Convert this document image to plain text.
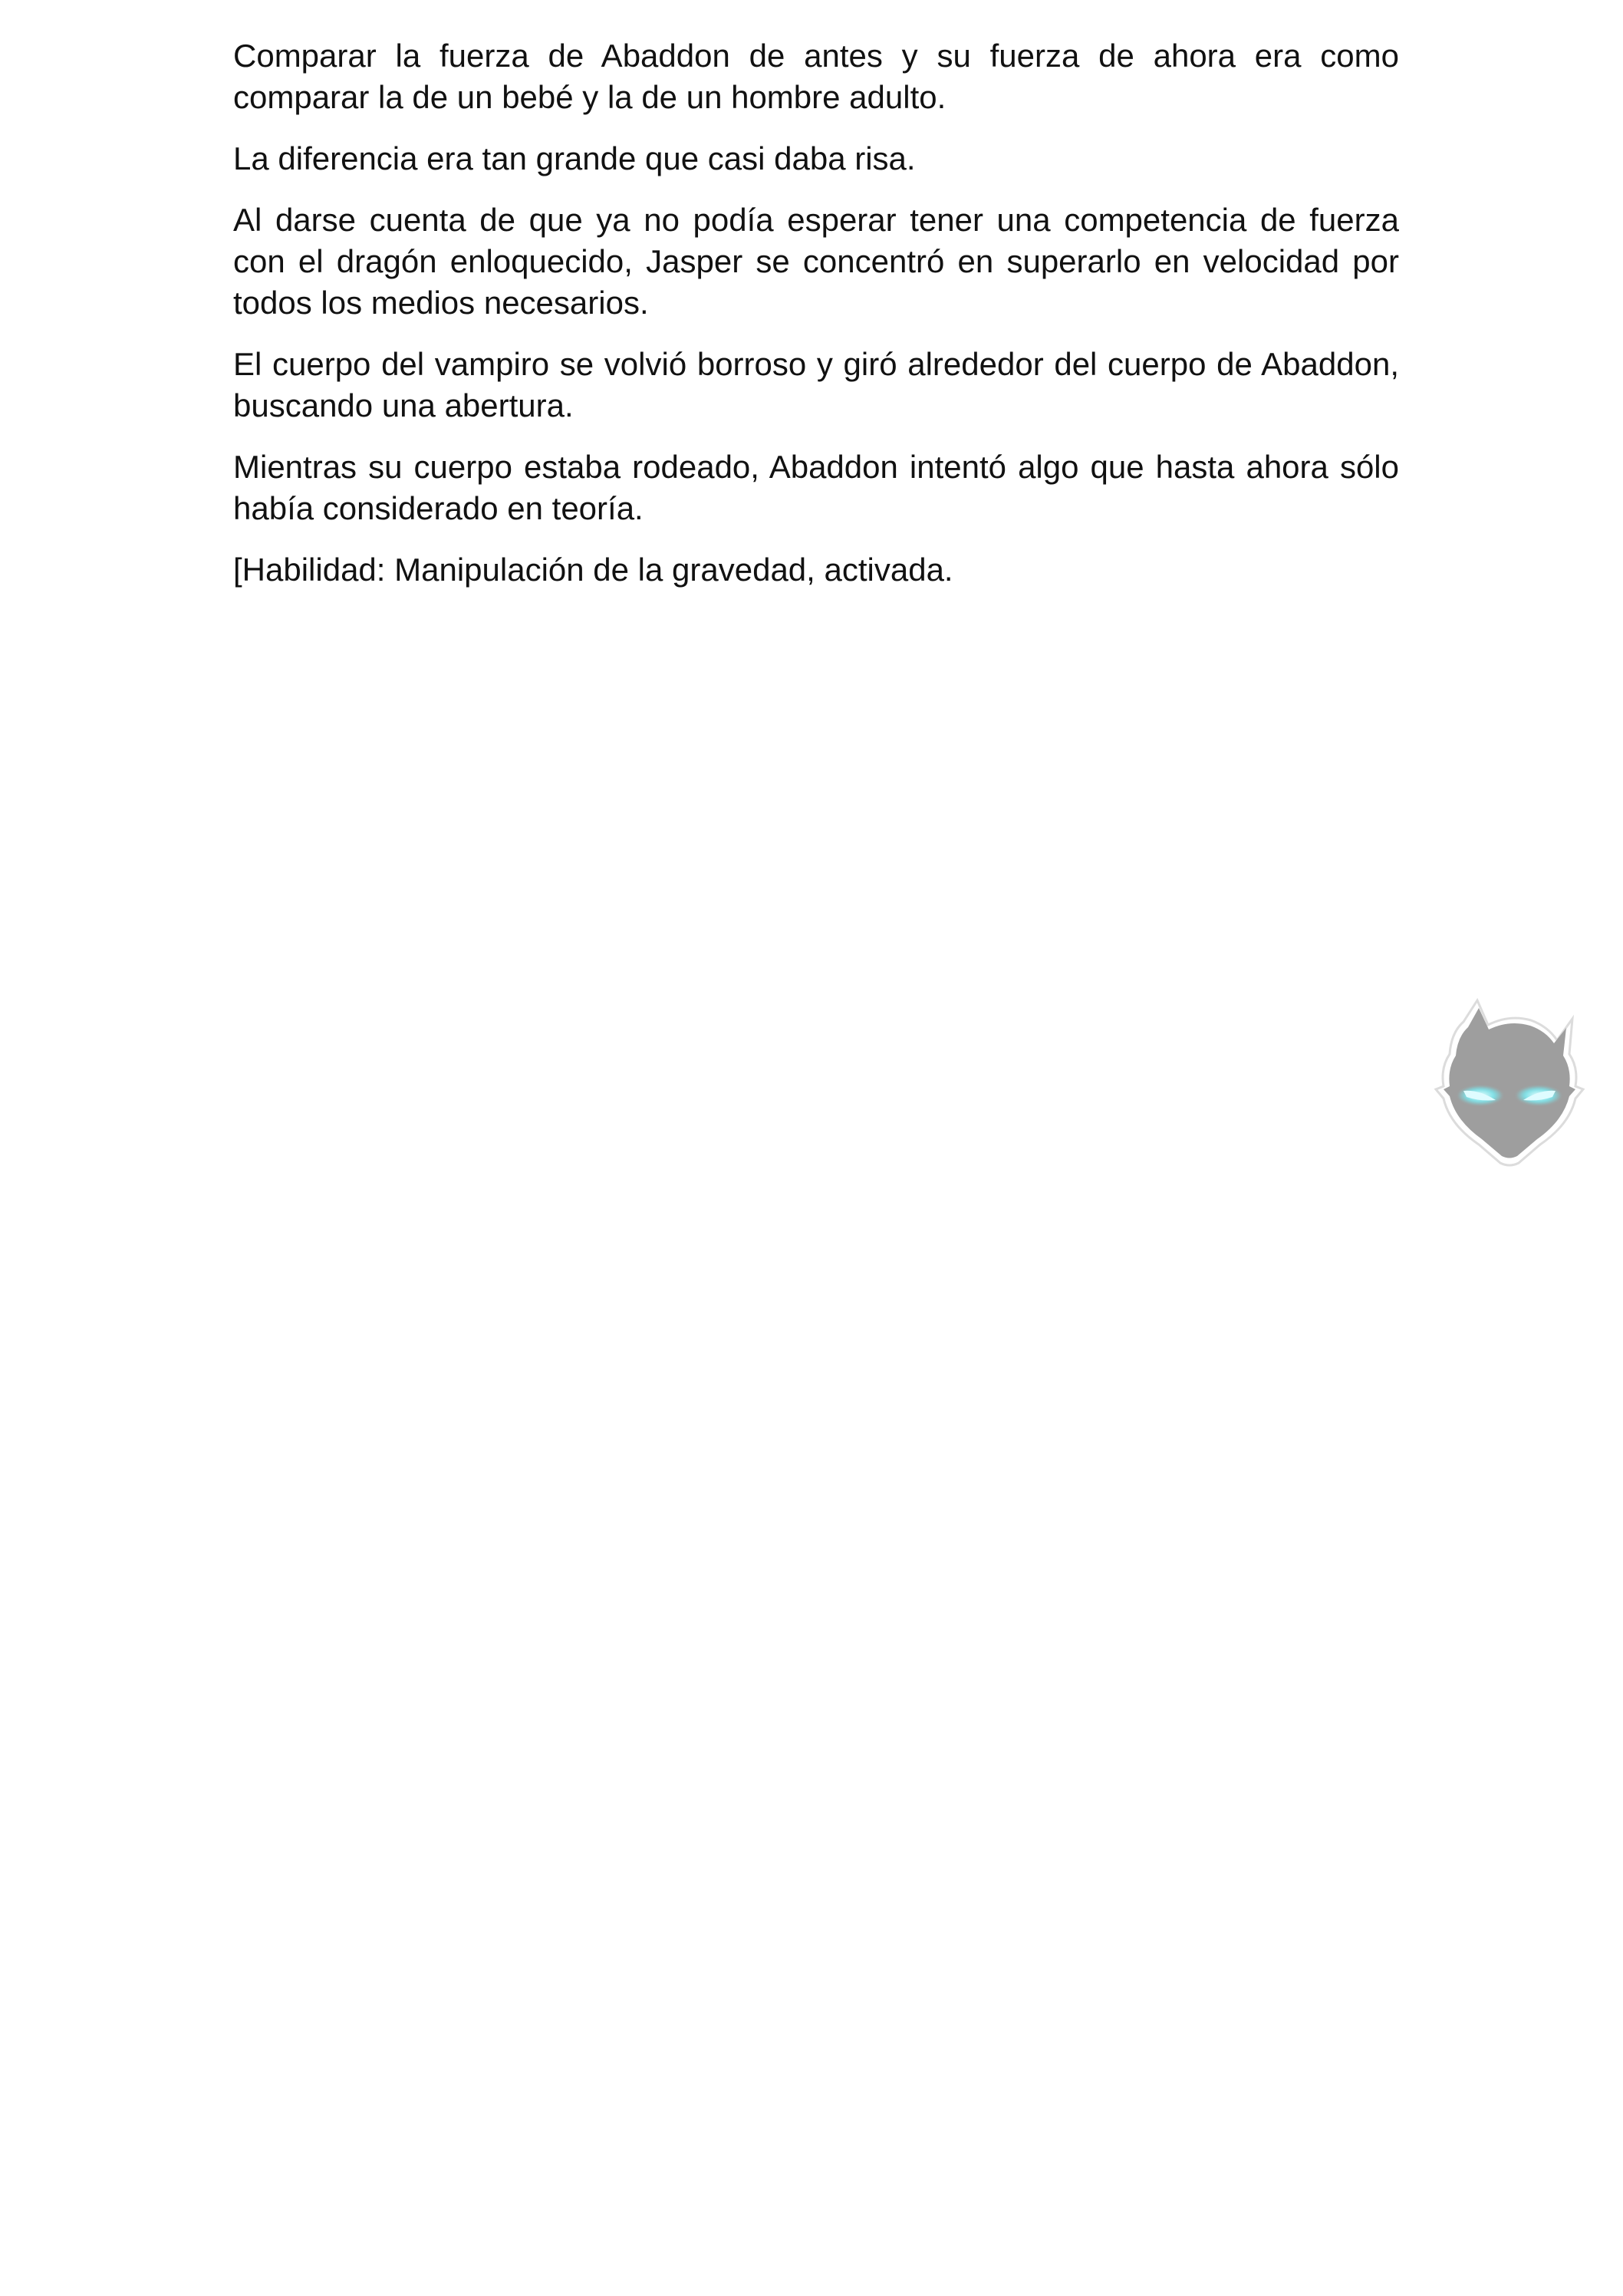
Comparar la fuerza de Abaddon de antes y su fuerza de ahora era como comparar la de un bebé y la de un hombre adulto.

La diferencia era tan grande que casi daba risa.

Al darse cuenta de que ya no podía esperar tener una competencia de fuerza con el dragón enloquecido, Jasper se concentró en superarlo en velocidad por todos los medios necesarios.

El cuerpo del vampiro se volvió borroso y giró alrededor del cuerpo de Abaddon, buscando una abertura.

Mientras su cuerpo estaba rodeado, Abaddon intentó algo que hasta ahora sólo había considerado en teoría.

[Habilidad: Manipulación de la gravedad, activada.
